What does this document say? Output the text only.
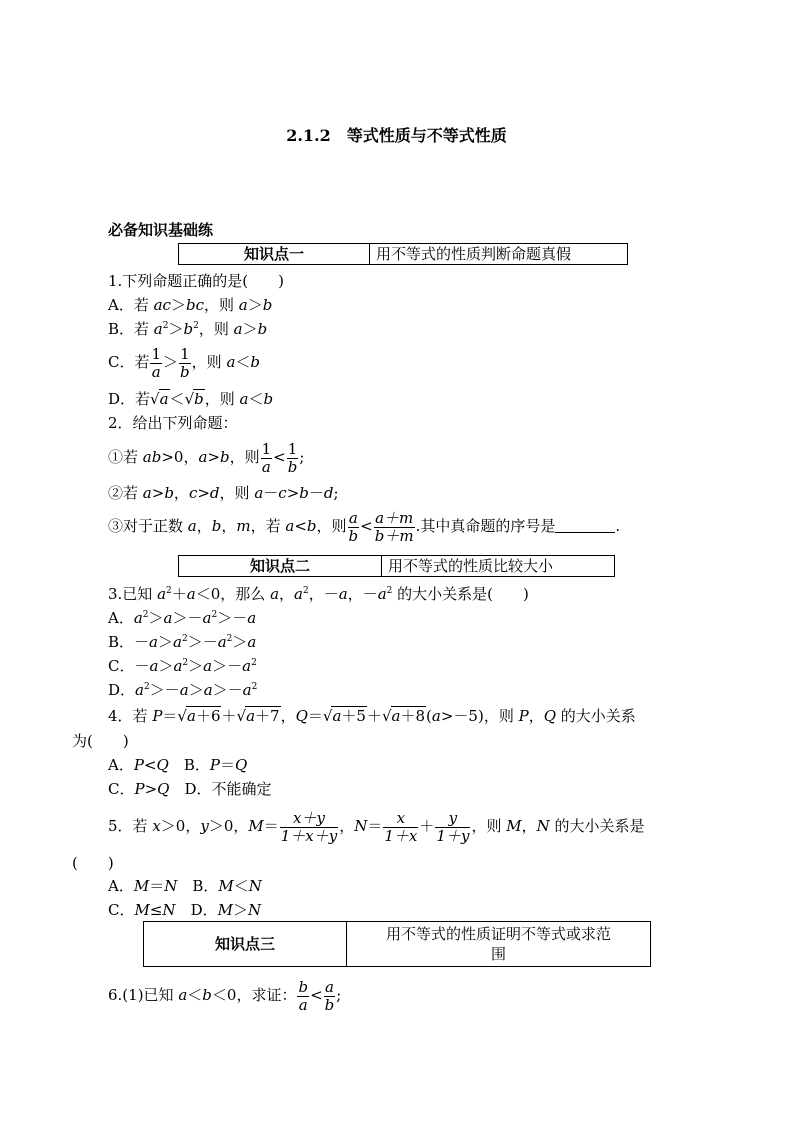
2.1.2　等式性质与不等式性质
必备知识基础练
知识点一	用不等式的性质判断命题真假
1.下列命题正确的是(　　)
A．若 ac＞bc，则 a＞b
B．若 $a^2>b^2$，则 a＞b
C．若 $\frac{1}{a} > \frac{1}{b}$ ，则 a＜b
D．若√a＜√b，则 a＜b
2．给出下列命题：
①若 ab>0，a>b，则 $\frac{1}{a} < \frac{1}{b}$ ;
②若 a>b，c>d，则 a－c>b－d;
③对于正数 a，b，m，若 a<b，则 $\frac{a}{b} < \frac{a+m}{b+m}$ .其中真命题的序号是	.
知识点二	用不等式的性质比较大小
3.已知 $a^2+a<0$，那么 a，$a^2$，－a，$-a^2$ 的大小关系是(　　)
A．$a^2>a>-a^2>-a$
B．$-a>a^2>-a^2>a$
C．$-a>a^2>a>-a^2$
D．$a^2>-a>a>-a^2$
4．若 P＝√a＋6＋√a＋7，Q＝√a＋5＋√a＋8(a>－5)，则 P，Q 的大小关系
为(　　)
A．P<Q　 B．P＝Q
C．P>Q　 D．不能确定
5．若 x＞0，y＞0，$M= \frac{x+y}{1+x+y}$ ，$N= \frac{x}{1+x} + \frac{y}{1+y}$ ，则 M，N 的大小关系是
(　　)
A．M＝N　 B．M＜N
C．M≤N　 D．M＞N
知识点三	用不等式的性质证明不等式或求范
围
6.(1)已知 a＜b＜0，求证： $\frac{b}{a} < \frac{a}{b}$ ;
